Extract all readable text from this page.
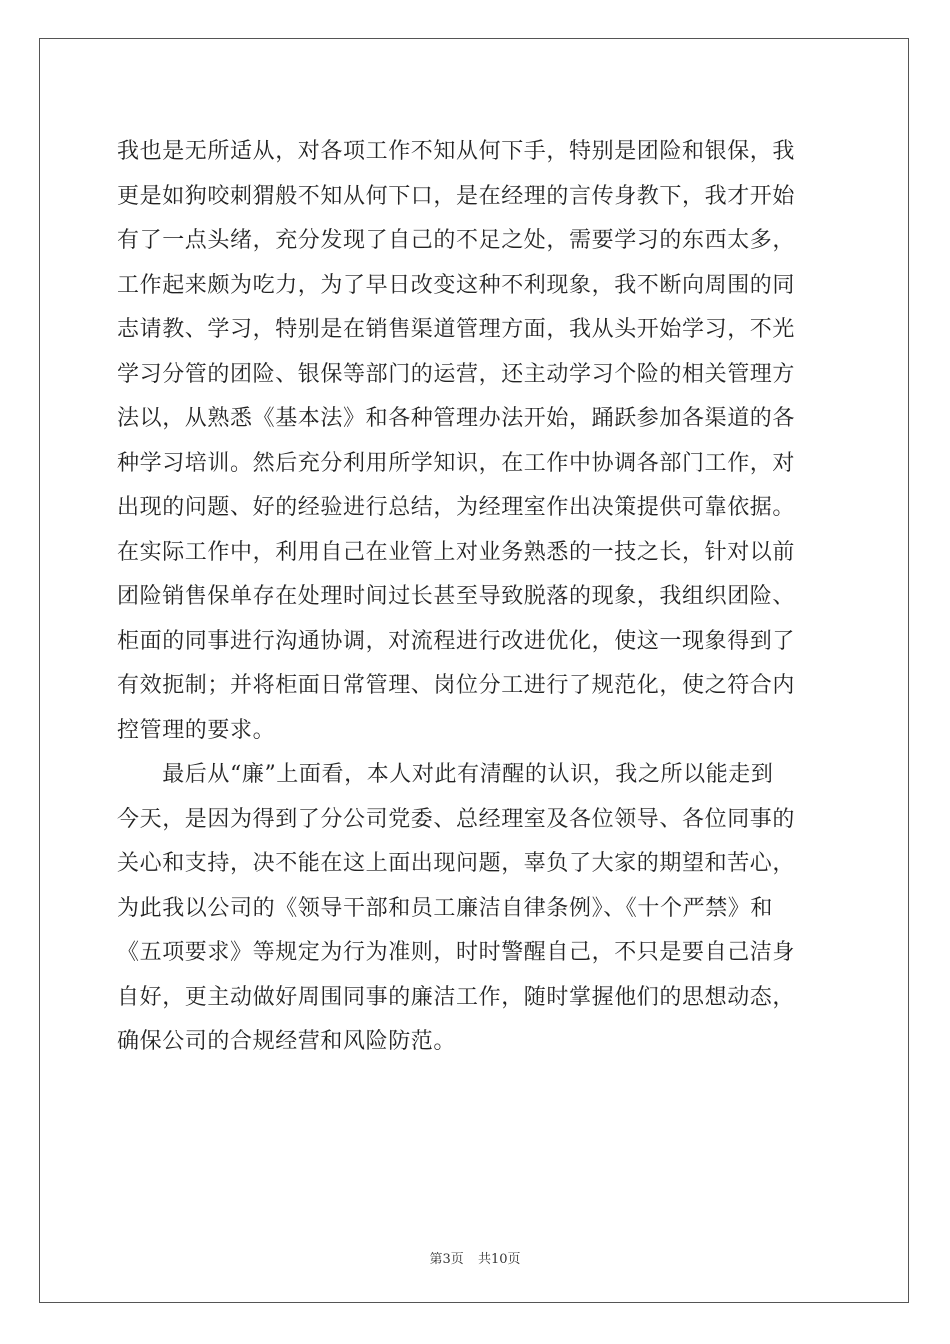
我也是无所适从，对各项工作不知从何下手，特别是团险和银保，我
更是如狗咬刺猬般不知从何下口，是在经理的言传身教下，我才开始
有了一点头绪，充分发现了自己的不足之处，需要学习的东西太多，
工作起来颇为吃力，为了早日改变这种不利现象，我不断向周围的同
志请教、学习，特别是在销售渠道管理方面，我从头开始学习，不光
学习分管的团险、银保等部门的运营，还主动学习个险的相关管理方
法以，从熟悉《基本法》和各种管理办法开始，踊跃参加各渠道的各
种学习培训。然后充分利用所学知识，在工作中协调各部门工作，对
出现的问题、好的经验进行总结，为经理室作出决策提供可靠依据。
在实际工作中，利用自己在业管上对业务熟悉的一技之长，针对以前
团险销售保单存在处理时间过长甚至导致脱落的现象，我组织团险、
柜面的同事进行沟通协调，对流程进行改进优化，使这一现象得到了
有效扼制；并将柜面日常管理、岗位分工进行了规范化，使之符合内
控管理的要求。
　　最后从“廉”上面看，本人对此有清醒的认识，我之所以能走到
今天，是因为得到了分公司党委、总经理室及各位领导、各位同事的
关心和支持，决不能在这上面出现问题，辜负了大家的期望和苦心，
为此我以公司的《领导干部和员工廉洁自律条例》、《十个严禁》和
《五项要求》等规定为行为准则，时时警醒自己，不只是要自己洁身
自好，更主动做好周围同事的廉洁工作，随时掌握他们的思想动态，
确保公司的合规经营和风险防范。
第3页 共10页
